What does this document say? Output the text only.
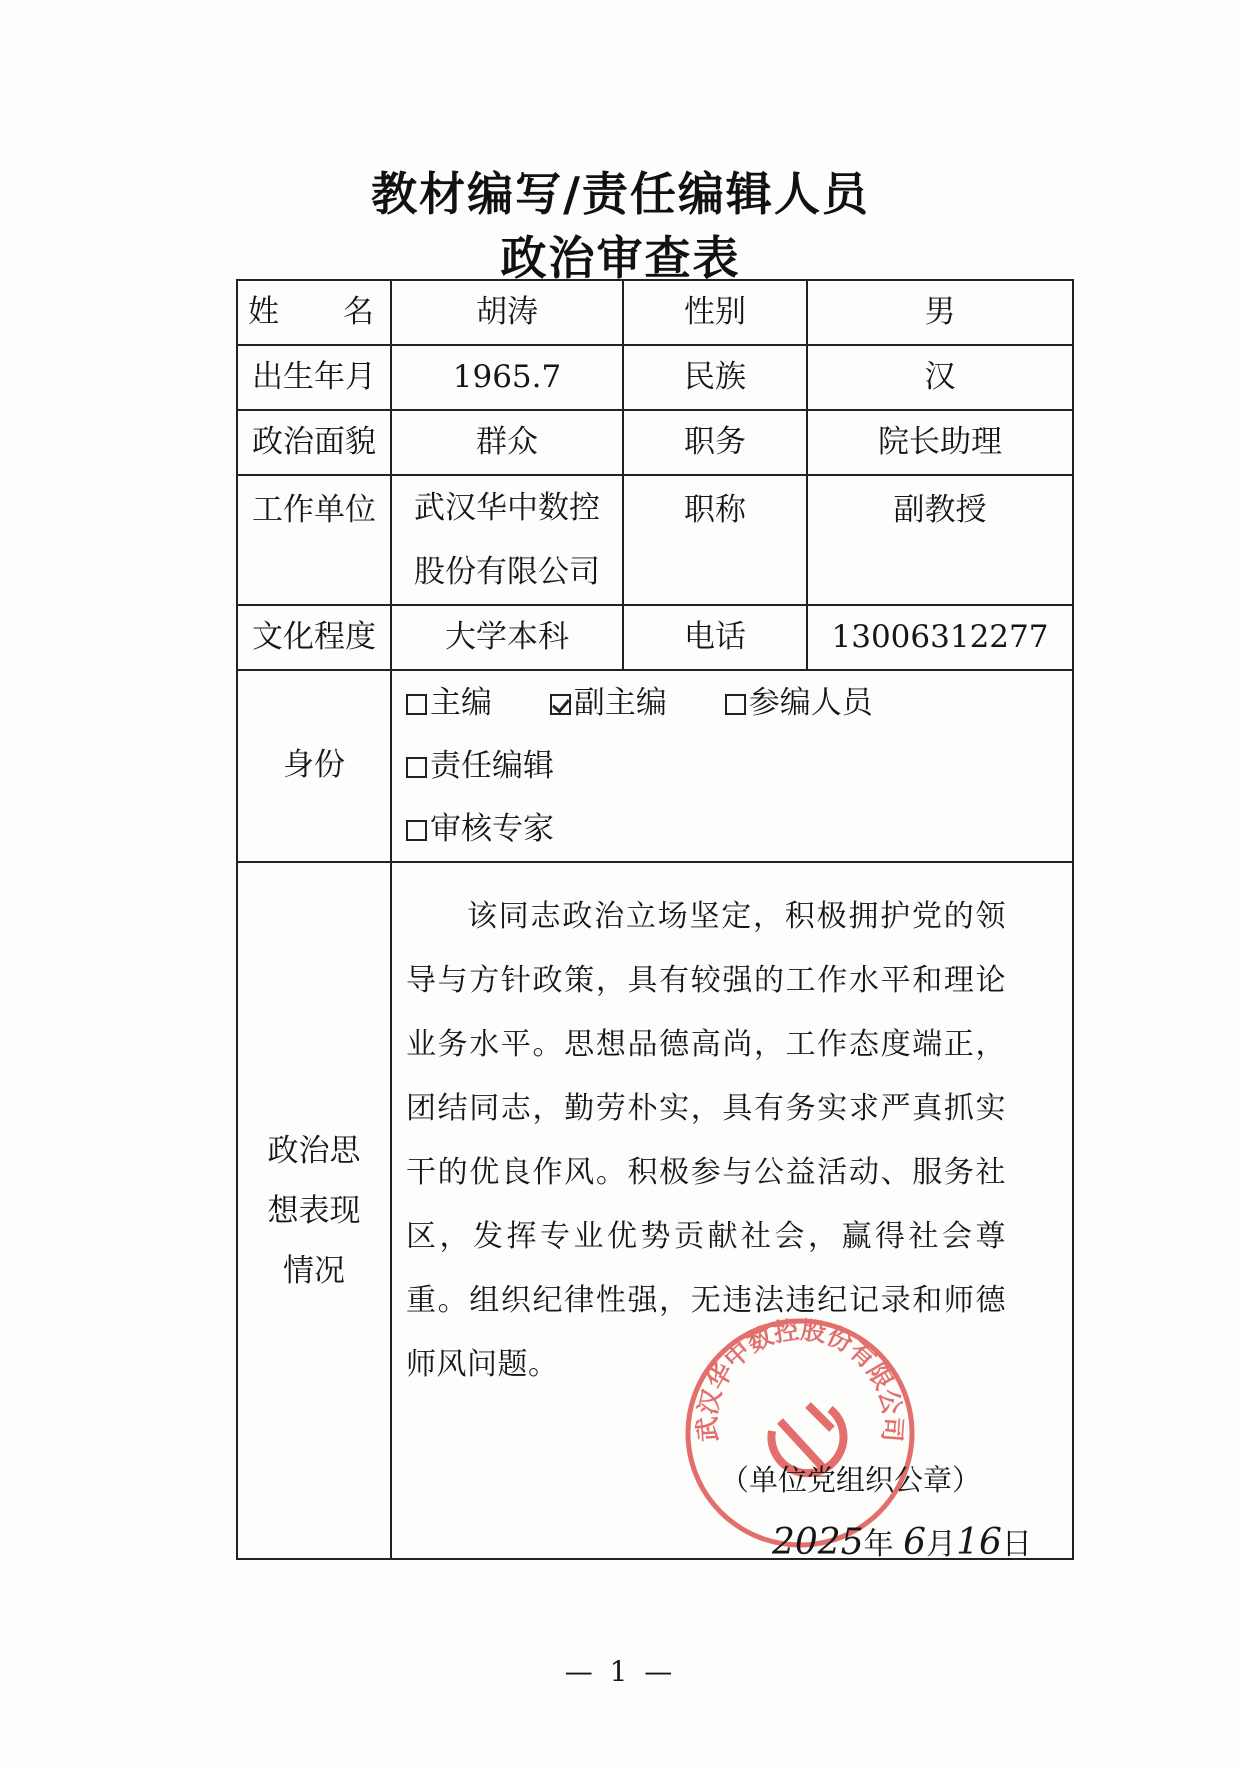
教材编写/责任编辑人员
政治审查表
姓 名	胡涛	性别	男
出生年月	1965.7	民族	汉
政治面貌	群众	职务	院长助理
工作单位	武汉华中数控股份有限公司	职称	副教授
文化程度	大学本科	电话	13006312277
身份	主编 副主编 参编人员
责任编辑
审核专家		

政治思想表现情况	该同志政治立场坚定，积极拥护党的领导与方针政策，具有较强的工作水平和理论业务水平。思想品德高尚，工作态度端正，团结同志，勤劳朴实，具有务实求严真抓实干的优良作风。积极参与公益活动、服务社区，发挥专业优势贡献社会，赢得社会尊重。组织纪律性强，无违法违纪记录和师德师风问题。
武汉华中数控股份有限公司
（单位党组织公章）
2025年 6月16日		
— 1 —
